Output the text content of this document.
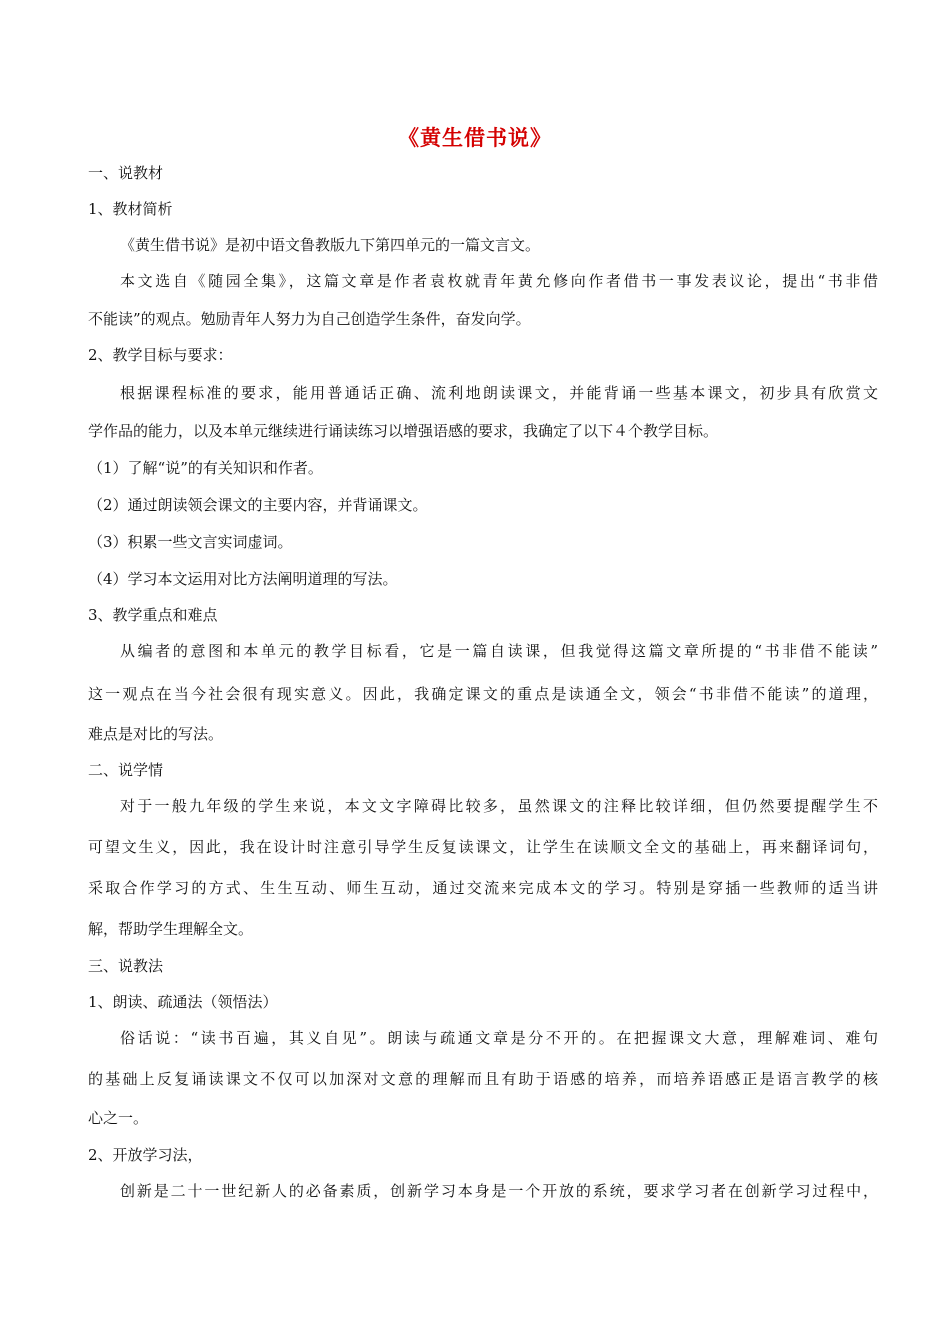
《黄生借书说》
一、说教材
1、教材简析
《黄生借书说》是初中语文鲁教版九下第四单元的一篇文言文。
本文选自《随园全集》，这篇文章是作者袁枚就青年黄允修向作者借书一事发表议论，提出“书非借
不能读”的观点。勉励青年人努力为自己创造学生条件，奋发向学。
2、教学目标与要求：
根据课程标准的要求，能用普通话正确、流利地朗读课文，并能背诵一些基本课文，初步具有欣赏文
学作品的能力，以及本单元继续进行诵读练习以增强语感的要求，我确定了以下４个教学目标。
（1）了解“说”的有关知识和作者。
（2）通过朗读领会课文的主要内容，并背诵课文。
（3）积累一些文言实词虚词。
（4）学习本文运用对比方法阐明道理的写法。
3、教学重点和难点
从编者的意图和本单元的教学目标看，它是一篇自读课，但我觉得这篇文章所提的“书非借不能读”
这一观点在当今社会很有现实意义。因此，我确定课文的重点是读通全文，领会“书非借不能读”的道理，
难点是对比的写法。
二、说学情
对于一般九年级的学生来说，本文文字障碍比较多，虽然课文的注释比较详细，但仍然要提醒学生不
可望文生义，因此，我在设计时注意引导学生反复读课文，让学生在读顺文全文的基础上，再来翻译词句，
采取合作学习的方式、生生互动、师生互动，通过交流来完成本文的学习。特别是穿插一些教师的适当讲
解，帮助学生理解全文。
三、说教法
1、朗读、疏通法（领悟法）
俗话说：“读书百遍，其义自见”。朗读与疏通文章是分不开的。在把握课文大意，理解难词、难句
的基础上反复诵读课文不仅可以加深对文意的理解而且有助于语感的培养，而培养语感正是语言教学的核
心之一。
2、开放学习法，
创新是二十一世纪新人的必备素质，创新学习本身是一个开放的系统，要求学习者在创新学习过程中，
